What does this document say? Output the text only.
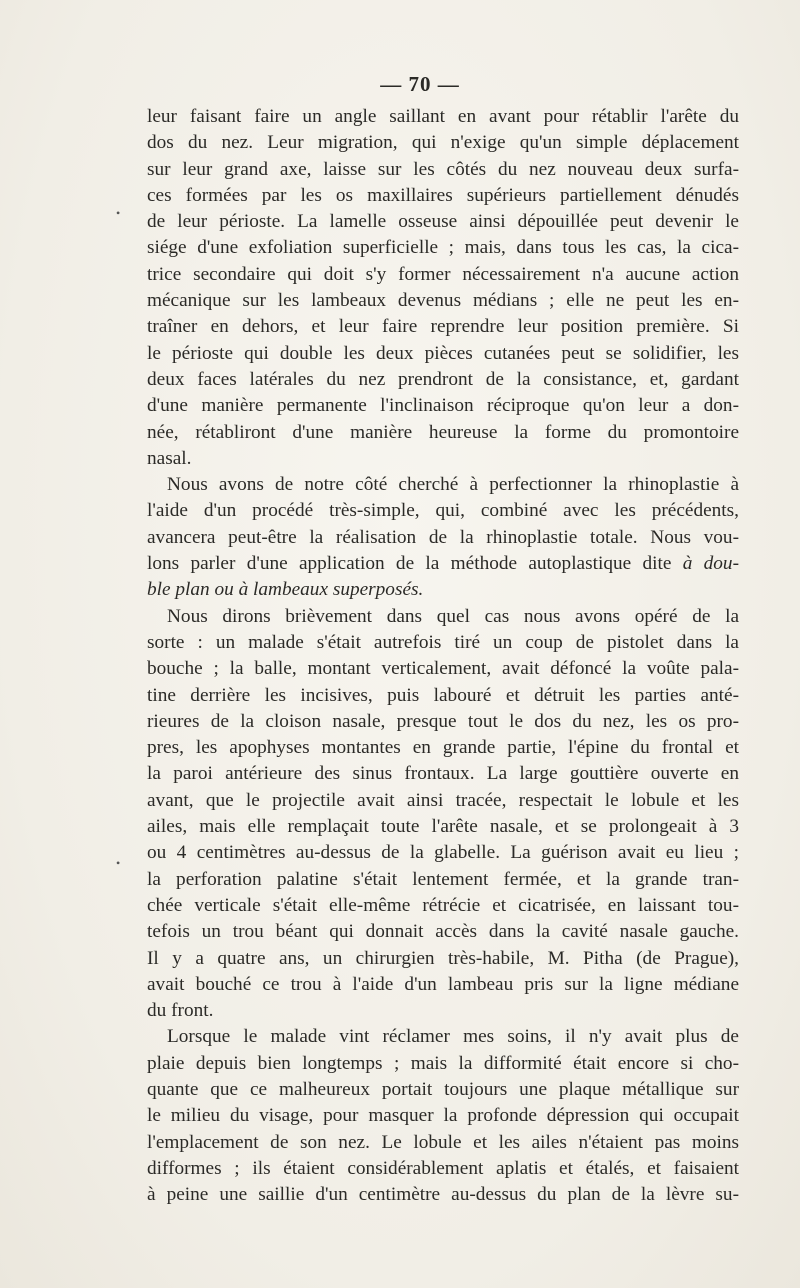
— 70 —
leur faisant faire un angle saillant en avant pour rétablir l'arête du
dos du nez. Leur migration, qui n'exige qu'un simple déplacement
sur leur grand axe, laisse sur les côtés du nez nouveau deux surfa-
ces formées par les os maxillaires supérieurs partiellement dénudés
de leur périoste. La lamelle osseuse ainsi dépouillée peut devenir le
siége d'une exfoliation superficielle ; mais, dans tous les cas, la cica-
trice secondaire qui doit s'y former nécessairement n'a aucune action
mécanique sur les lambeaux devenus médians ; elle ne peut les en-
traîner en dehors, et leur faire reprendre leur position première. Si
le périoste qui double les deux pièces cutanées peut se solidifier, les
deux faces latérales du nez prendront de la consistance, et, gardant
d'une manière permanente l'inclinaison réciproque qu'on leur a don-
née, rétabliront d'une manière heureuse la forme du promontoire
nasal.
Nous avons de notre côté cherché à perfectionner la rhinoplastie à
l'aide d'un procédé très-simple, qui, combiné avec les précédents,
avancera peut-être la réalisation de la rhinoplastie totale. Nous vou-
lons parler d'une application de la méthode autoplastique dite à dou-
ble plan ou à lambeaux superposés.
Nous dirons brièvement dans quel cas nous avons opéré de la
sorte : un malade s'était autrefois tiré un coup de pistolet dans la
bouche ; la balle, montant verticalement, avait défoncé la voûte pala-
tine derrière les incisives, puis labouré et détruit les parties anté-
rieures de la cloison nasale, presque tout le dos du nez, les os pro-
pres, les apophyses montantes en grande partie, l'épine du frontal et
la paroi antérieure des sinus frontaux. La large gouttière ouverte en
avant, que le projectile avait ainsi tracée, respectait le lobule et les
ailes, mais elle remplaçait toute l'arête nasale, et se prolongeait à 3
ou 4 centimètres au-dessus de la glabelle. La guérison avait eu lieu ;
la perforation palatine s'était lentement fermée, et la grande tran-
chée verticale s'était elle-même rétrécie et cicatrisée, en laissant tou-
tefois un trou béant qui donnait accès dans la cavité nasale gauche.
Il y a quatre ans, un chirurgien très-habile, M. Pitha (de Prague),
avait bouché ce trou à l'aide d'un lambeau pris sur la ligne médiane
du front.
Lorsque le malade vint réclamer mes soins, il n'y avait plus de
plaie depuis bien longtemps ; mais la difformité était encore si cho-
quante que ce malheureux portait toujours une plaque métallique sur
le milieu du visage, pour masquer la profonde dépression qui occupait
l'emplacement de son nez. Le lobule et les ailes n'étaient pas moins
difformes ; ils étaient considérablement aplatis et étalés, et faisaient
à peine une saillie d'un centimètre au-dessus du plan de la lèvre su-
•
•
